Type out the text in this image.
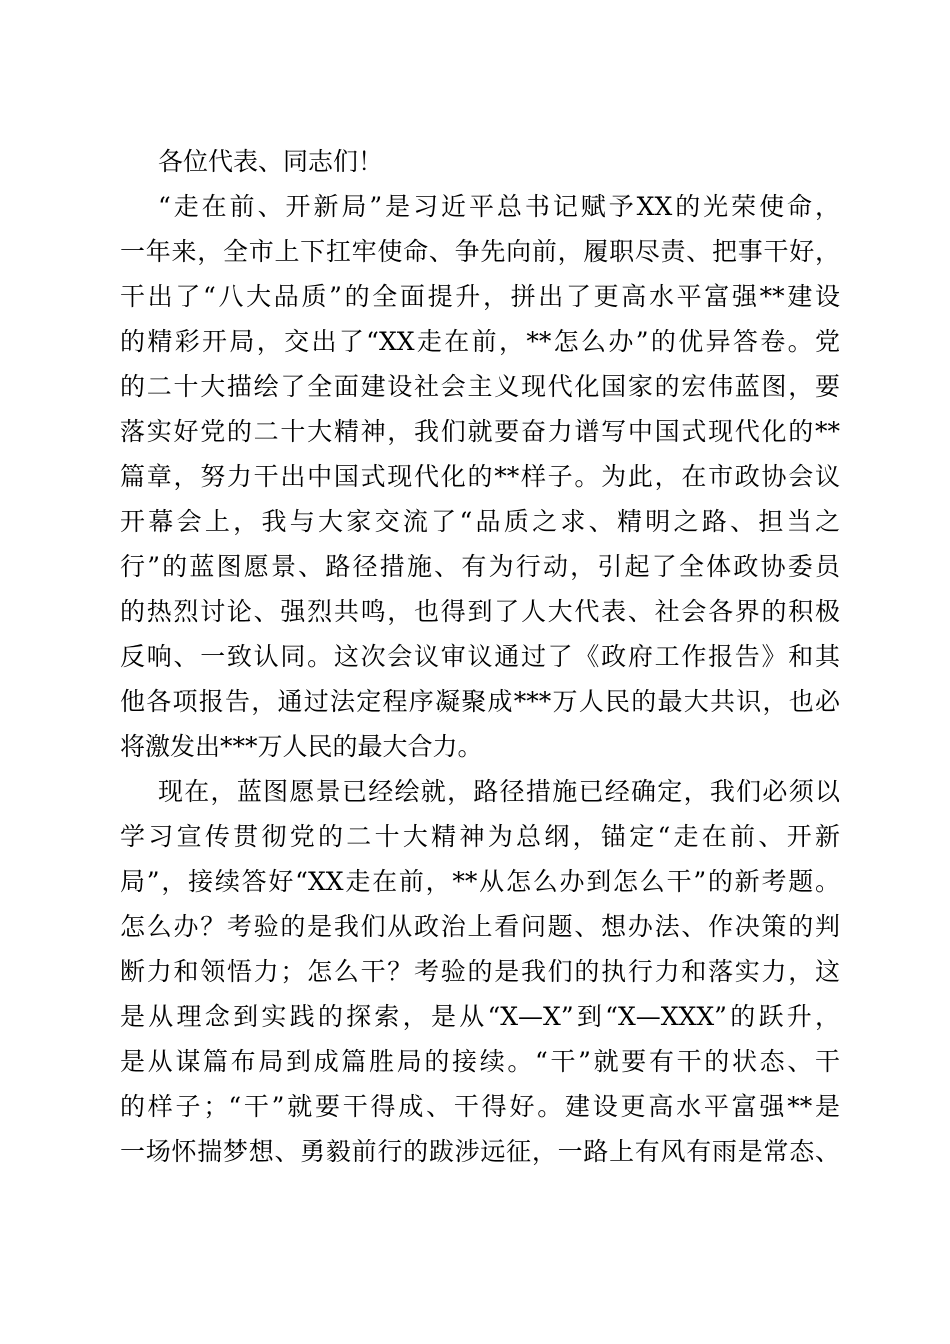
各位代表、同志们！
“走在前、开新局”是习近平总书记赋予XX的光荣使命，
一年来，全市上下扛牢使命、争先向前，履职尽责、把事干好，
干出了“八大品质”的全面提升，拼出了更高水平富强**建设
的精彩开局，交出了“XX走在前，**怎么办”的优异答卷。党
的二十大描绘了全面建设社会主义现代化国家的宏伟蓝图，要
落实好党的二十大精神，我们就要奋力谱写中国式现代化的**
篇章，努力干出中国式现代化的**样子。为此，在市政协会议
开幕会上，我与大家交流了“品质之求、精明之路、担当之
行”的蓝图愿景、路径措施、有为行动，引起了全体政协委员
的热烈讨论、强烈共鸣，也得到了人大代表、社会各界的积极
反响、一致认同。这次会议审议通过了《政府工作报告》和其
他各项报告，通过法定程序凝聚成***万人民的最大共识，也必
将激发出***万人民的最大合力。
现在，蓝图愿景已经绘就，路径措施已经确定，我们必须以
学习宣传贯彻党的二十大精神为总纲，锚定“走在前、开新
局”，接续答好“XX走在前，**从怎么办到怎么干”的新考题。
怎么办？考验的是我们从政治上看问题、想办法、作决策的判
断力和领悟力；怎么干？考验的是我们的执行力和落实力，这
是从理念到实践的探索，是从“X—X”到“X—XXX”的跃升，
是从谋篇布局到成篇胜局的接续。“干”就要有干的状态、干
的样子；“干”就要干得成、干得好。建设更高水平富强**是
一场怀揣梦想、勇毅前行的跋涉远征，一路上有风有雨是常态、
